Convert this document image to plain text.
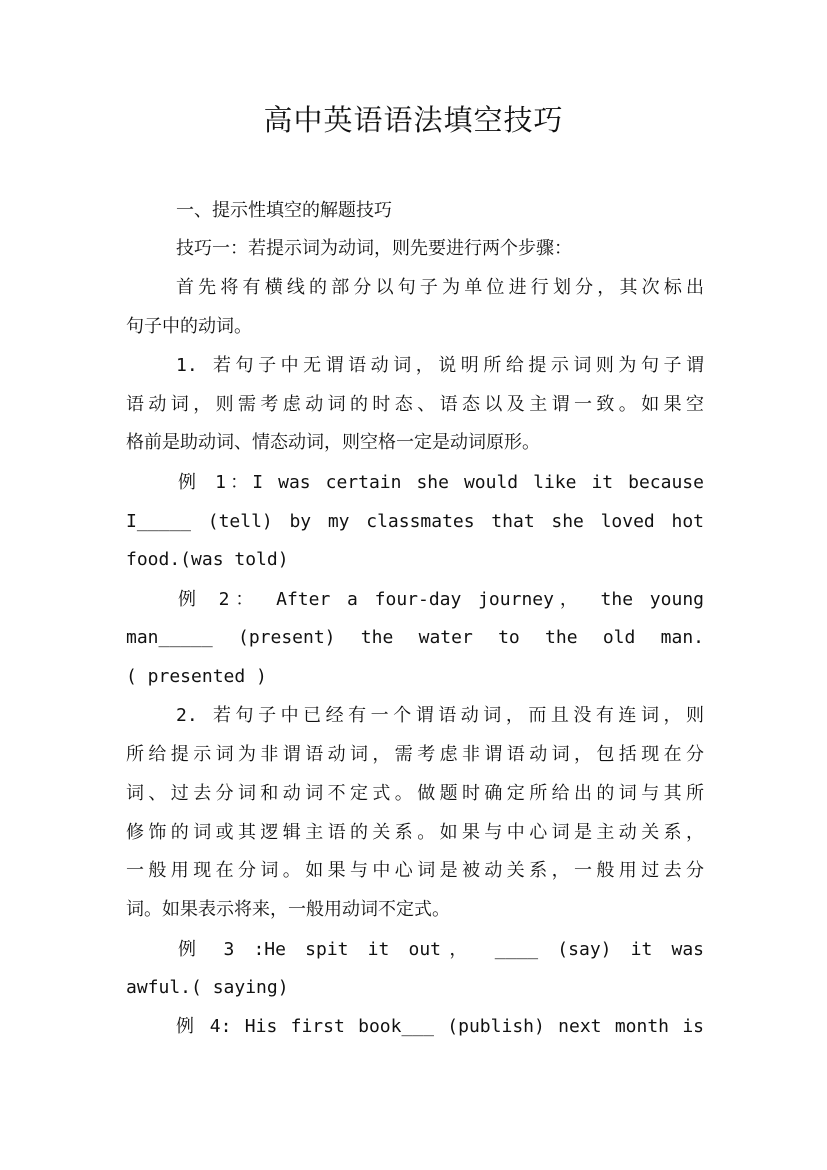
高中英语语法填空技巧
一、提示性填空的解题技巧
技巧一：若提示词为动词，则先要进行两个步骤：
首先将有横线的部分以句子为单位进行划分，其次标出
句子中的动词。
1. 若句子中无谓语动词，说明所给提示词则为句子谓
语动词，则需考虑动词的时态、语态以及主谓一致。如果空
格前是助动词、情态动词，则空格一定是动词原形。
例 1：I was certain she would like it because
I_____ (tell) by my classmates that she loved hot
food.(was told)
例 2： After a four-day journey， the young
man_____ (present) the water to the old man.
( presented )
2. 若句子中已经有一个谓语动词，而且没有连词，则
所给提示词为非谓语动词，需考虑非谓语动词，包括现在分
词、过去分词和动词不定式。做题时确定所给出的词与其所
修饰的词或其逻辑主语的关系。如果与中心词是主动关系，
一般用现在分词。如果与中心词是被动关系，一般用过去分
词。如果表示将来，一般用动词不定式。
例 3 :He spit it out， ____ (say) it was
awful.( saying)
例 4: His first book___ (publish) next month is
